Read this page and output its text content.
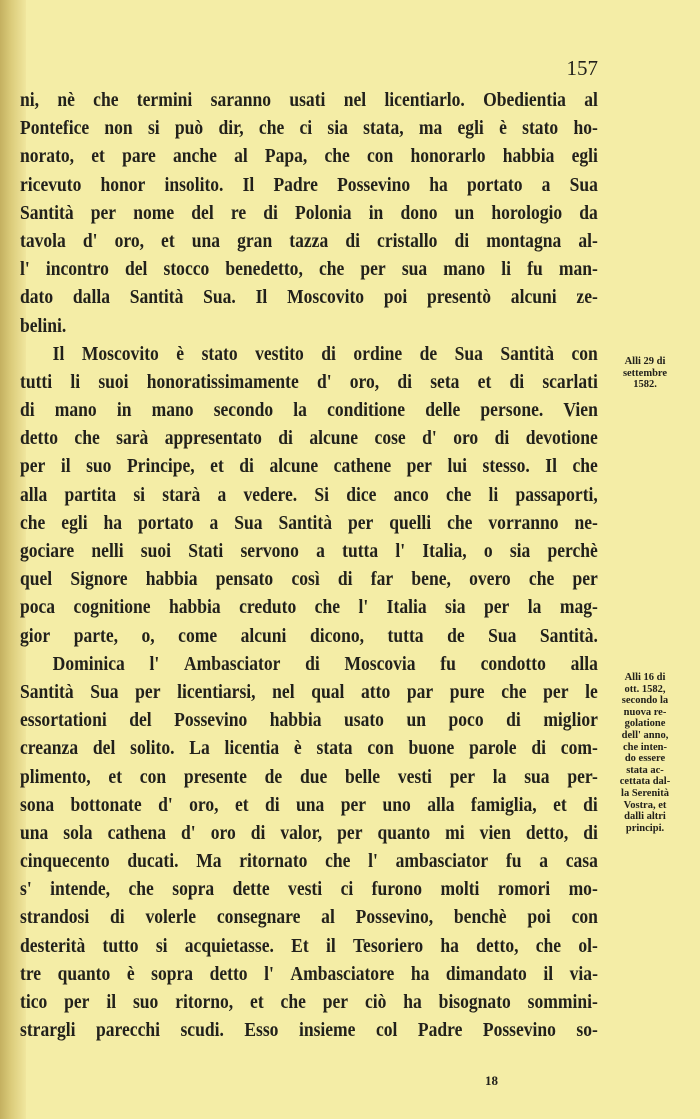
157
ni, nè che termini saranno usati nel licentiarlo. Obedientia al
Pontefice non si può dir, che ci sia stata, ma egli è stato ho-
norato, et pare anche al Papa, che con honorarlo habbia egli
ricevuto honor insolito. Il Padre Possevino ha portato a Sua
Santità per nome del re di Polonia in dono un horologio da
tavola d' oro, et una gran tazza di cristallo di montagna al-
l' incontro del stocco benedetto, che per sua mano li fu man-
dato dalla Santità Sua. Il Moscovito poi presentò alcuni ze-
belini.
Il Moscovito è stato vestito di ordine de Sua Santità con
tutti li suoi honoratissimamente d' oro, di seta et di scarlati
di mano in mano secondo la conditione delle persone. Vien
detto che sarà appresentato di alcune cose d' oro di devotione
per il suo Principe, et di alcune cathene per lui stesso. Il che
alla partita si starà a vedere. Si dice anco che li passaporti,
che egli ha portato a Sua Santità per quelli che vorranno ne-
gociare nelli suoi Stati servono a tutta l' Italia, o sia perchè
quel Signore habbia pensato così di far bene, overo che per
poca cognitione habbia creduto che l' Italia sia per la mag-
gior parte, o, come alcuni dicono, tutta de Sua Santità.
Dominica l' Ambasciator di Moscovia fu condotto alla
Santità Sua per licentiarsi, nel qual atto par pure che per le
essortationi del Possevino habbia usato un poco di miglior
creanza del solito. La licentia è stata con buone parole di com-
plimento, et con presente de due belle vesti per la sua per-
sona bottonate d' oro, et di una per uno alla famiglia, et di
una sola cathena d' oro di valor, per quanto mi vien detto, di
cinquecento ducati. Ma ritornato che l' ambasciator fu a casa
s' intende, che sopra dette vesti ci furono molti romori mo-
strandosi di volerle consegnare al Possevino, benchè poi con
desterità tutto si acquietasse. Et il Tesoriero ha detto, che ol-
tre quanto è sopra detto l' Ambasciatore ha dimandato il via-
tico per il suo ritorno, et che per ciò ha bisognato sommini-
strargli parecchi scudi. Esso insieme col Padre Possevino so-
Alli 29 di
settembre
1582.
Alli 16 di
ott. 1582,
secondo la
nuova re-
golatione
dell' anno,
che inten-
do essere
stata ac-
cettata dal-
la Serenità
Vostra, et
dalli altri
principi.
18
